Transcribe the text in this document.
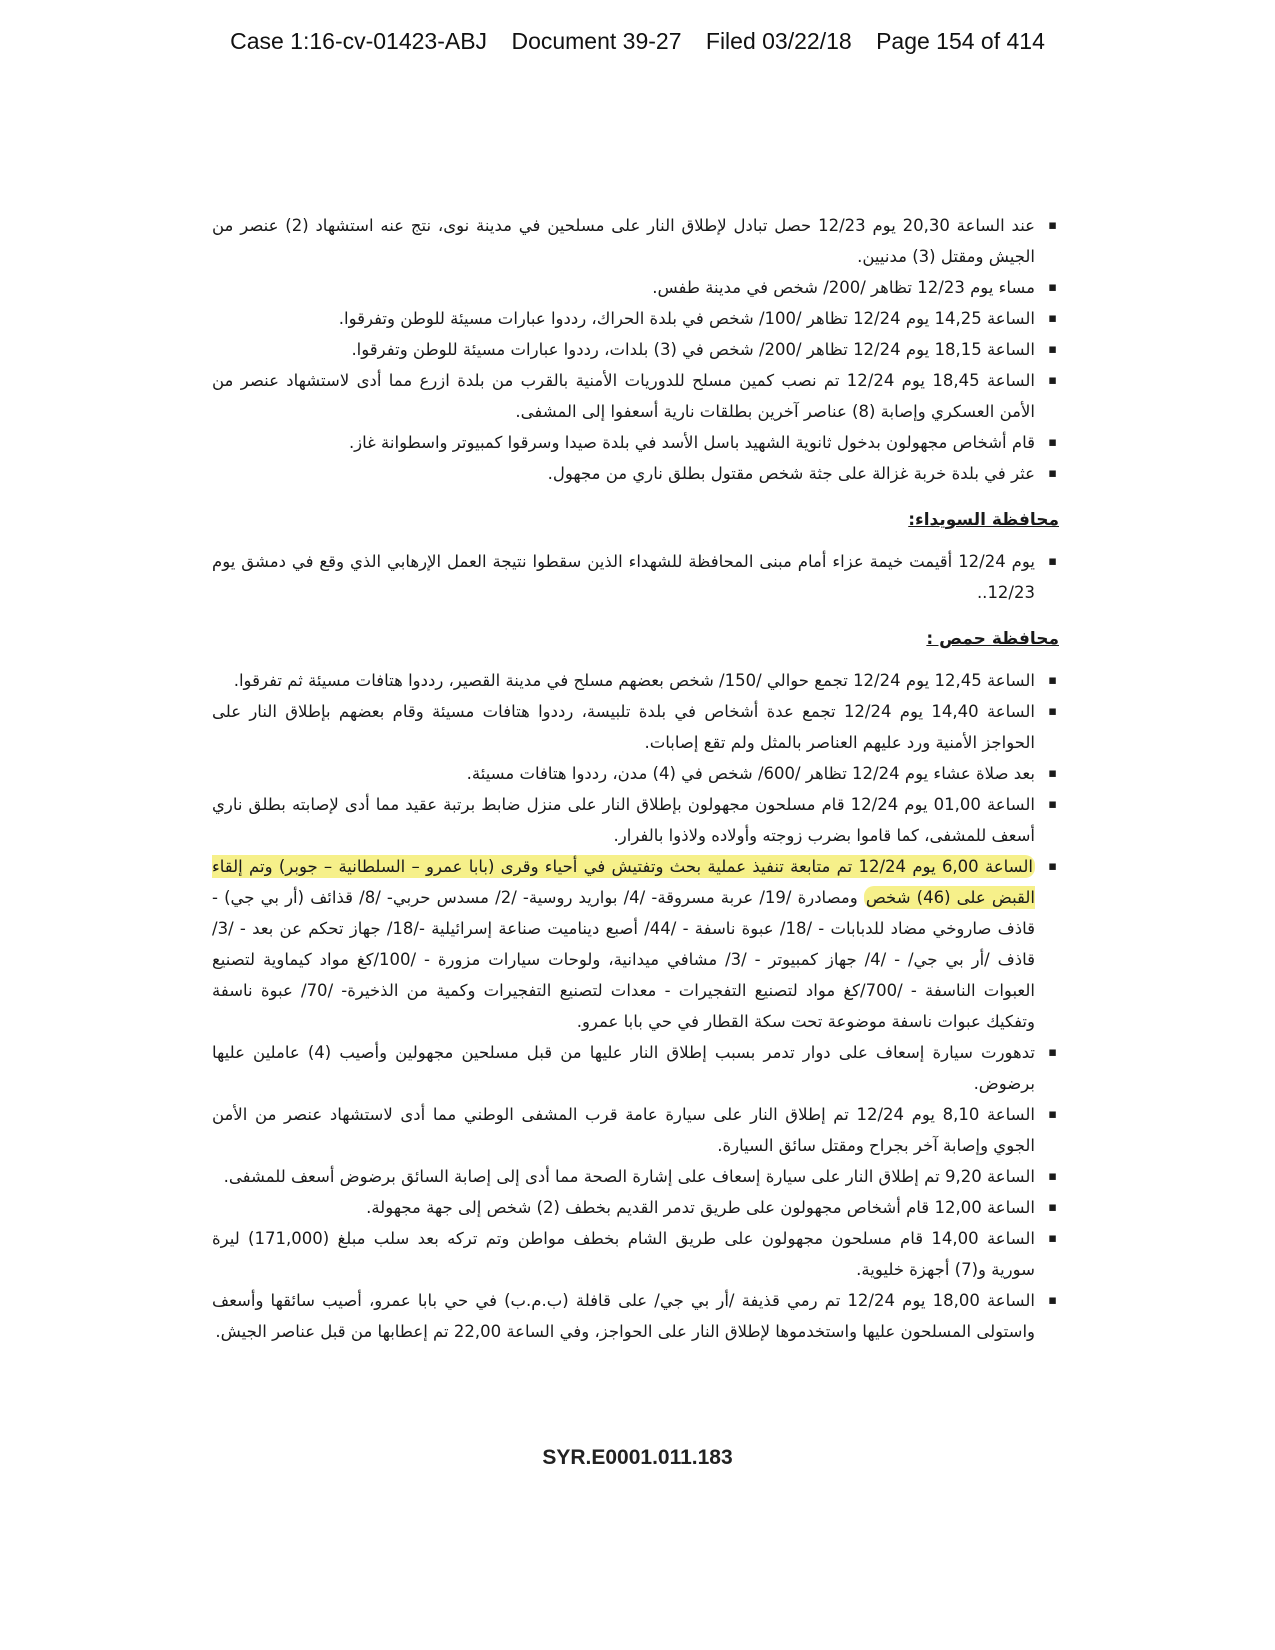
Case 1:16-cv-01423-ABJ Document 39-27 Filed 03/22/18 Page 154 of 414
▪ عند الساعة 20,30 يوم 12/23 حصل تبادل لإطلاق النار على مسلحين في مدينة نوى، نتج عنه استشهاد (2) عنصر من الجيش ومقتل (3) مدنيين.
▪ مساء يوم 12/23 تظاهر /200/ شخص في مدينة طفس.
▪ الساعة 14,25 يوم 12/24 تظاهر /100/ شخص في بلدة الحراك، رددوا عبارات مسيئة للوطن وتفرقوا.
▪ الساعة 18,15 يوم 12/24 تظاهر /200/ شخص في (3) بلدات، رددوا عبارات مسيئة للوطن وتفرقوا.
▪ الساعة 18,45 يوم 12/24 تم نصب كمين مسلح للدوريات الأمنية بالقرب من بلدة ازرع مما أدى لاستشهاد عنصر من الأمن العسكري وإصابة (8) عناصر آخرين بطلقات نارية أسعفوا إلى المشفى.
▪ قام أشخاص مجهولون بدخول ثانوية الشهيد باسل الأسد في بلدة صيدا وسرقوا كمبيوتر واسطوانة غاز.
▪ عثر في بلدة خربة غزالة على جثة شخص مقتول بطلق ناري من مجهول.
محافظة السويداء:
▪ يوم 12/24 أقيمت خيمة عزاء أمام مبنى المحافظة للشهداء الذين سقطوا نتيجة العمل الإرهابي الذي وقع في دمشق يوم 12/23..
محافظة حمص :
▪ الساعة 12,45 يوم 12/24 تجمع حوالي /150/ شخص بعضهم مسلح في مدينة القصير، رددوا هتافات مسيئة ثم تفرقوا.
▪ الساعة 14,40 يوم 12/24 تجمع عدة أشخاص في بلدة تلبيسة، رددوا هتافات مسيئة وقام بعضهم بإطلاق النار على الحواجز الأمنية ورد عليهم العناصر بالمثل ولم تقع إصابات.
▪ بعد صلاة عشاء يوم 12/24 تظاهر /600/ شخص في (4) مدن، رددوا هتافات مسيئة.
▪ الساعة 01,00 يوم 12/24 قام مسلحون مجهولون بإطلاق النار على منزل ضابط برتبة عقيد مما أدى لإصابته بطلق ناري أسعف للمشفى، كما قاموا بضرب زوجته وأولاده ولاذوا بالفرار.
▪ الساعة 6,00 يوم 12/24 تم متابعة تنفيذ عملية بحث وتفتيش في أحياء وقرى (بابا عمرو – السلطانية – جوبر) وتم إلقاء القبض على (46) شخص ومصادرة /19/ عربة مسروقة- /4/ بواريد روسية- /2/ مسدس حربي- /8/ قذائف (أر بي جي) - قاذف صاروخي مضاد للدبابات - /18/ عبوة ناسفة - /44/ أصبع ديناميت صناعة إسرائيلية -/18/ جهاز تحكم عن بعد - /3/ قاذف /أر بي جي/ - /4/ جهاز كمبيوتر - /3/ مشافي ميدانية، ولوحات سيارات مزورة - /100/كغ مواد كيماوية لتصنيع العبوات الناسفة - /700/كغ مواد لتصنيع التفجيرات - معدات لتصنيع التفجيرات وكمية من الذخيرة- /70/ عبوة ناسفة وتفكيك عبوات ناسفة موضوعة تحت سكة القطار في حي بابا عمرو.
▪ تدهورت سيارة إسعاف على دوار تدمر بسبب إطلاق النار عليها من قبل مسلحين مجهولين وأصيب (4) عاملين عليها برضوض.
▪ الساعة 8,10 يوم 12/24 تم إطلاق النار على سيارة عامة قرب المشفى الوطني مما أدى لاستشهاد عنصر من الأمن الجوي وإصابة آخر بجراح ومقتل سائق السيارة.
▪ الساعة 9,20 تم إطلاق النار على سيارة إسعاف على إشارة الصحة مما أدى إلى إصابة السائق برضوض أسعف للمشفى.
▪ الساعة 12,00 قام أشخاص مجهولون على طريق تدمر القديم بخطف (2) شخص إلى جهة مجهولة.
▪ الساعة 14,00 قام مسلحون مجهولون على طريق الشام بخطف مواطن وتم تركه بعد سلب مبلغ (171,000) ليرة سورية و(7) أجهزة خليوية.
▪ الساعة 18,00 يوم 12/24 تم رمي قذيفة /أر بي جي/ على قافلة (ب.م.ب) في حي بابا عمرو، أصيب سائقها وأسعف واستولى المسلحون عليها واستخدموها لإطلاق النار على الحواجز، وفي الساعة 22,00 تم إعطابها من قبل عناصر الجيش.
SYR.E0001.011.183
